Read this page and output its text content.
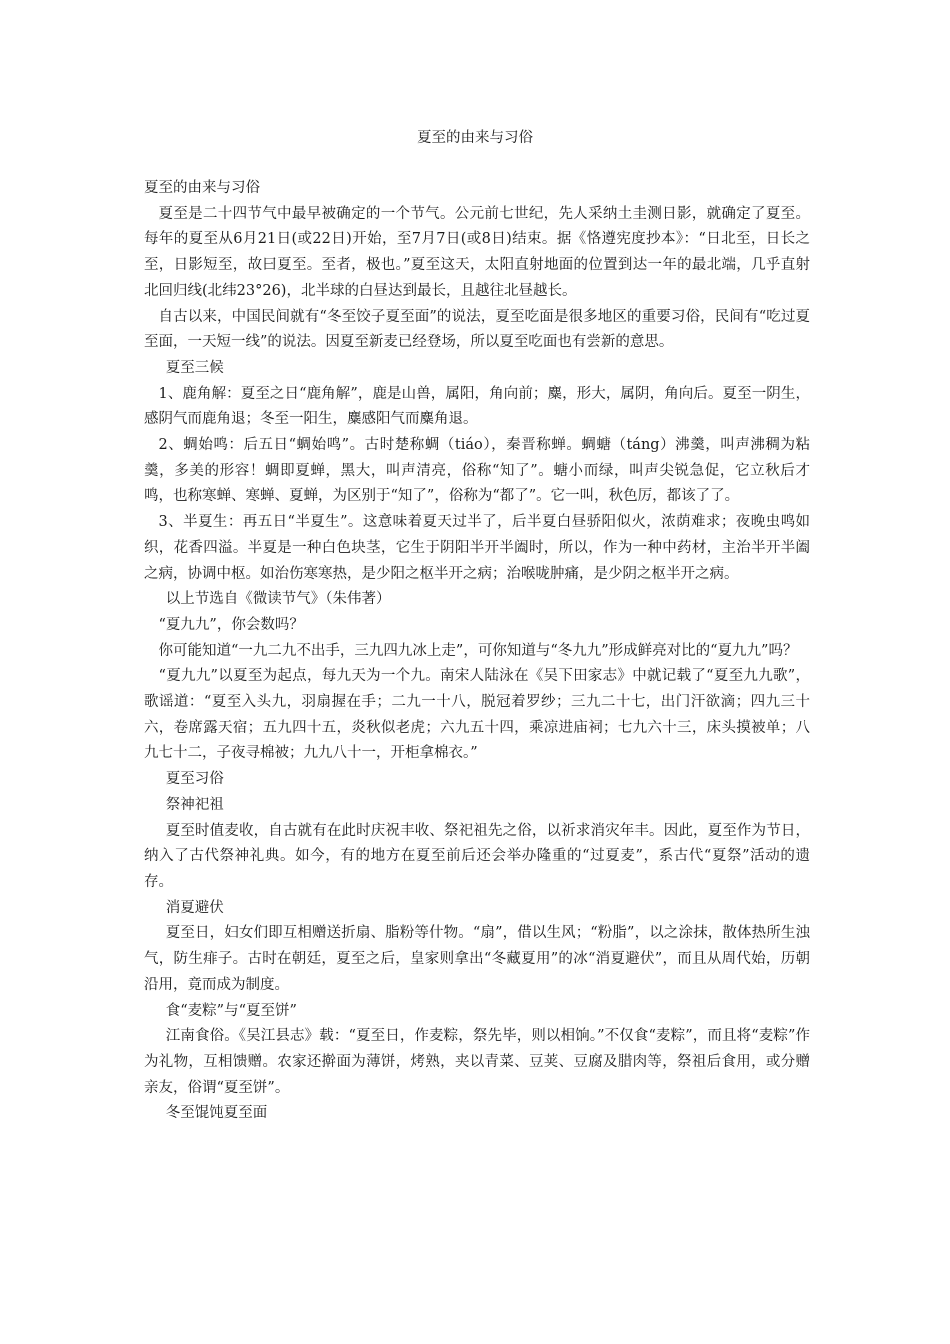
夏至的由来与习俗

夏至的由来与习俗

夏至是二十四节气中最早被确定的一个节气。公元前七世纪，先人采纳土圭测日影，就确定了夏至。每年的夏至从6月21日(或22日)开始，至7月7日(或8日)结束。据《恪遵宪度抄本》：“日北至，日长之至，日影短至，故曰夏至。至者，极也。”夏至这天，太阳直射地面的位置到达一年的最北端，几乎直射北回归线(北纬23°26)，北半球的白昼达到最长，且越往北昼越长。

自古以来，中国民间就有“冬至饺子夏至面”的说法，夏至吃面是很多地区的重要习俗，民间有“吃过夏至面，一天短一线”的说法。因夏至新麦已经登场，所以夏至吃面也有尝新的意思。

夏至三候

1、鹿角解：夏至之日“鹿角解”，鹿是山兽，属阳，角向前；麋，形大，属阴，角向后。夏至一阴生，感阴气而鹿角退；冬至一阳生，麋感阳气而麋角退。

2、蜩始鸣：后五日“蜩始鸣”。古时楚称蜩（tiáo），秦晋称蝉。蜩螗（táng）沸羹，叫声沸稠为粘羹，多美的形容！蜩即夏蝉，黑大，叫声清亮，俗称“知了”。螗小而绿，叫声尖锐急促，它立秋后才鸣，也称寒蝉、寒蝉、夏蝉，为区别于“知了”，俗称为“都了”。它一叫，秋色厉，都该了了。

3、半夏生：再五日“半夏生”。这意味着夏天过半了，后半夏白昼骄阳似火，浓荫难求；夜晚虫鸣如织，花香四溢。半夏是一种白色块茎，它生于阴阳半开半阖时，所以，作为一种中药材，主治半开半阖之病，协调中枢。如治伤寒寒热，是少阳之枢半开之病；治喉咙肿痛，是少阴之枢半开之病。

以上节选自《微读节气》（朱伟著）

“夏九九”，你会数吗？

你可能知道“一九二九不出手，三九四九冰上走”，可你知道与“冬九九”形成鲜亮对比的“夏九九”吗？

“夏九九”以夏至为起点，每九天为一个九。南宋人陆泳在《吴下田家志》中就记载了“夏至九九歌”，歌谣道：“夏至入头九，羽扇握在手；二九一十八，脱冠着罗纱；三九二十七，出门汗欲滴；四九三十六，卷席露天宿；五九四十五，炎秋似老虎；六九五十四，乘凉进庙祠；七九六十三，床头摸被单；八九七十二，子夜寻棉被；九九八十一，开柜拿棉衣。”

夏至习俗

祭神祀祖

夏至时值麦收，自古就有在此时庆祝丰收、祭祀祖先之俗，以祈求消灾年丰。因此，夏至作为节日，纳入了古代祭神礼典。如今，有的地方在夏至前后还会举办隆重的“过夏麦”，系古代“夏祭”活动的遗存。

消夏避伏

夏至日，妇女们即互相赠送折扇、脂粉等什物。“扇”，借以生风；“粉脂”，以之涂抹，散体热所生浊气，防生痱子。古时在朝廷，夏至之后，皇家则拿出“冬藏夏用”的冰“消夏避伏”，而且从周代始，历朝沿用，竟而成为制度。

食“麦粽”与“夏至饼”

江南食俗。《吴江县志》载：“夏至日，作麦粽，祭先毕，则以相饷。”不仅食“麦粽”，而且将“麦粽”作为礼物，互相馈赠。农家还擀面为薄饼，烤熟，夹以青菜、豆荚、豆腐及腊肉等，祭祖后食用，或分赠亲友，俗谓“夏至饼”。

冬至馄饨夏至面
